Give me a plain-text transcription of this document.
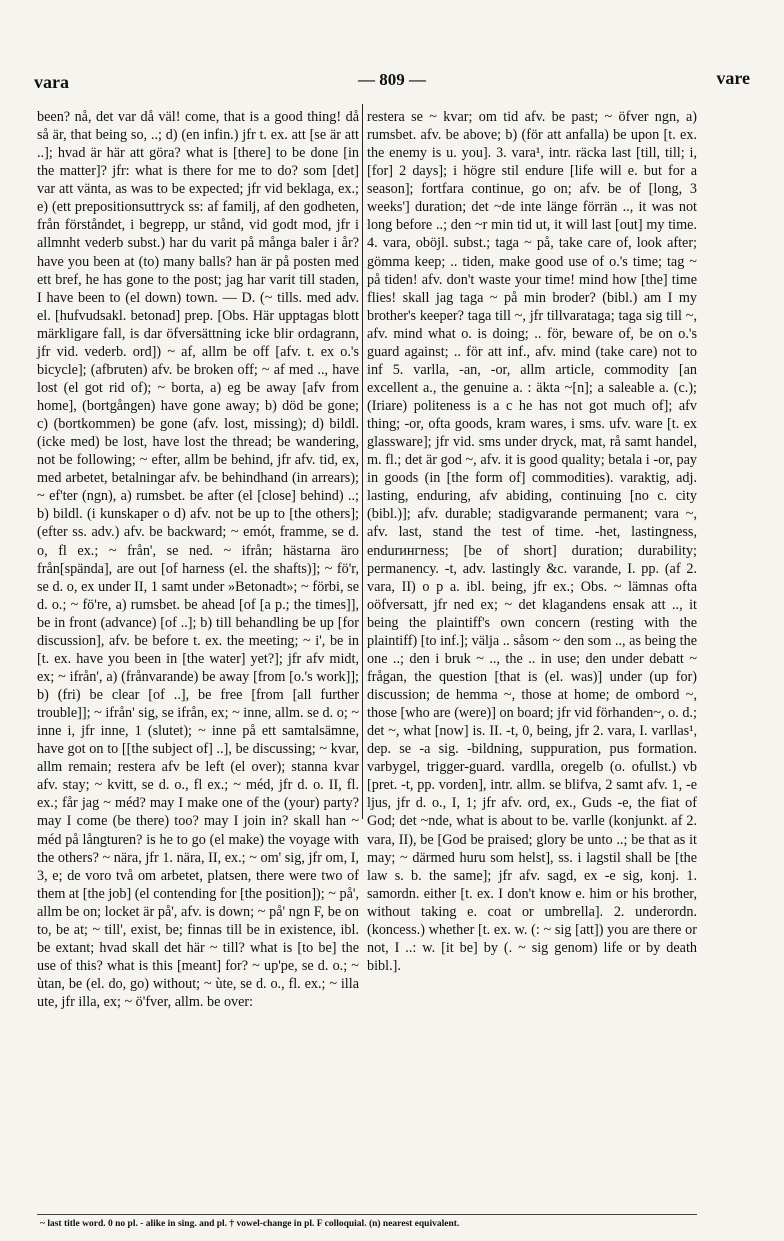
vara	— 809 —	vare

been? nå, det var då väl! come, that is a good thing! då så är, that being so, ..; d) (en infin.) jfr t. ex. att [se är att ..]; hvad är här att göra? what is [there] to be done [in the matter]? jfr: what is there for me to do? som [det] var att vänta, as was to be expected; jfr vid beklaga, ex.; e) (ett prepositionsuttryck ss: af familj, af den godheten, från förståndet, i begrepp, ur stånd, vid godt mod, jfr i allmnht vederb subst.) har du varit på många baler i år? have you been at (to) many balls? han är på posten med ett bref, he has gone to the post; jag har varit till staden, I have been to (el down) town. — D. (~ tills. med adv. el. [hufvudsakl. betonad] prep. [Obs. Här upptagas blott märkligare fall, is dar öfversättning icke blir ordagrann, jfr vid. vederb. ord]) ~ af, allm be off [afv. t. ex o.'s bicycle]; (afbruten) afv. be broken off; ~ af med .., have lost (el got rid of); ~ borta, a) eg be away [afv from home], (bortgången) have gone away; b) död be gone; c) (bortkommen) be gone (afv. lost, missing); d) bildl. (icke med) be lost, have lost the thread; be wandering, not be following; ~ efter, allm be behind, jfr afv. tid, ex, med arbetet, betalningar afv. be behindhand (in arrears); ~ ef'ter (ngn), a) rumsbet. be after (el [close] behind) ..; b) bildl. (i kunskaper o d) afv. not be up to [the others]; (efter ss. adv.) afv. be backward; ~ emót, framme, se d. o, fl ex.; ~ från', se ned. ~ ifrån; hästarna äro från[spända], are out [of harness (el. the shafts)]; ~ fö'r, se d. o, ex under II, 1 samt under »Betonadt»; ~ förbi, se d. o.; ~ fö're, a) rumsbet. be ahead [of [a p.; the times]], be in front (advance) [of ..]; b) till behandling be up [for discussion], afv. be before t. ex. the meeting; ~ i', be in [t. ex. have you been in [the water] yet?]; jfr afv midt, ex; ~ ifrån', a) (frånvarande) be away [from [o.'s work]]; b) (fri) be clear [of ..], be free [from [all further trouble]]; ~ ifrån' sig, se ifrån, ex; ~ inne, allm. se d. o; ~ inne i, jfr inne, 1 (slutet); ~ inne på ett samtalsämne, have got on to [[the subject of] ..], be discussing; ~ kvar, allm remain; restera afv be left (el over); stanna kvar afv. stay; ~ kvitt, se d. o., fl ex.; ~ méd, jfr d. o. II, fl. ex.; får jag ~ méd? may I make one of the (your) party? may I come (be there) too? may I join in? skall han ~ méd på långturen? is he to go (el make) the voyage with the others? ~ nära, jfr 1. nära, II, ex.; ~ om' sig, jfr om, I, 3, e; de voro två om arbetet, platsen, there were two of them at [the job] (el contending for [the position]); ~ på', allm be on; locket är på', afv. is down; ~ på' ngn F, be on to, be at; ~ till', exist, be; finnas till be in existence, ibl. be extant; hvad skall det här ~ till? what is [to be] the use of this? what is this [meant] for? ~ up'pe, se d. o.; ~ ùtan, be (el. do, go) without; ~ ùte, se d. o., fl. ex.; ~ illa ute, jfr illa, ex; ~ ö'fver, allm. be over:

restera se ~ kvar; om tid afv. be past; ~ öfver ngn, a) rumsbet. afv. be above; b) (för att anfalla) be upon [t. ex. the enemy is u. you]. 3. vara¹, intr. räcka last [till, till; i, [for] 2 days]; i högre stil endure [life will e. but for a season]; fortfara continue, go on; afv. be of [long, 3 weeks'] duration; det ~de inte länge förrän .., it was not long before ..; den ~r min tid ut, it will last [out] my time. 4. vara, oböjl. subst.; taga ~ på, take care of, look after; gömma keep; .. tiden, make good use of o.'s time; tag ~ på tiden! afv. don't waste your time! mind how [the] time flies! skall jag taga ~ på min broder? (bibl.) am I my brother's keeper? taga till ~, jfr tillvarataga; taga sig till ~, afv. mind what o. is doing; .. för, beware of, be on o.'s guard against; .. för att inf., afv. mind (take care) not to inf 5. varlla, -an, -or, allm article, commodity [an excellent a., the genuine a. : äkta ~[n]; a saleable a. (c.); (Iriare) politeness is a c he has not got much of]; afv thing; -or, ofta goods, kram wares, i sms. ufv. ware [t. ex glassware]; jfr vid. sms under dryck, mat, rå samt handel, m. fl.; det är god ~, afv. it is good quality; betala i -or, pay in goods (in [the form of] commodities). varaktig, adj. lasting, enduring, afv abiding, continuing [no c. city (bibl.)]; afv. durable; stadigvarande permanent; vara ~, afv. last, stand the test of time. -het, lastingness, endurингness; [be of short] duration; durability; permanency. -t, adv. lastingly &c. varande, I. pp. (af 2. vara, II) o p a. ibl. being, jfr ex.; Obs. ~ lämnas ofta oöfversatt, jfr ned ex; ~ det klagandens ensak att .., it being the plaintiff's own concern (resting with the plaintiff) [to inf.]; välja .. såsom ~ den som .., as being the one ..; den i bruk ~ .., the .. in use; den under debatt ~ frågan, the question [that is (el. was)] under (up for) discussion; de hemma ~, those at home; de ombord ~, those [who are (were)] on board; jfr vid förhanden~, o. d.; det ~, what [now] is. II. -t, 0, being, jfr 2. vara, I. varllas¹, dep. se -a sig. -bildning, suppuration, pus formation. varbygel, trigger-guard. vardlla, oregelb (o. ofullst.) vb [pret. -t, pp. vorden], intr. allm. se blifva, 2 samt afv. 1, -e ljus, jfr d. o., I, 1; jfr afv. ord, ex., Guds -e, the fiat of God; det ~nde, what is about to be. varlle (konjunkt. af 2. vara, II), be [God be praised; glory be unto ..; be that as it may; ~ därmed huru som helst], ss. i lagstil shall be [the law s. b. the same]; jfr afv. sagd, ex -e sig, konj. 1. samordn. either [t. ex. I don't know e. him or his brother, without taking e. coat or umbrella]. 2. underordn. (koncess.) whether [t. ex. w. (: ~ sig [att]) you are there or not, I ..: w. [it be] by (. ~ sig genom) life or by death bibl.].

~ last title word. 0 no pl. - alike in sing. and pl. † vowel-change in pl. F colloquial. (n) nearest equivalent.
